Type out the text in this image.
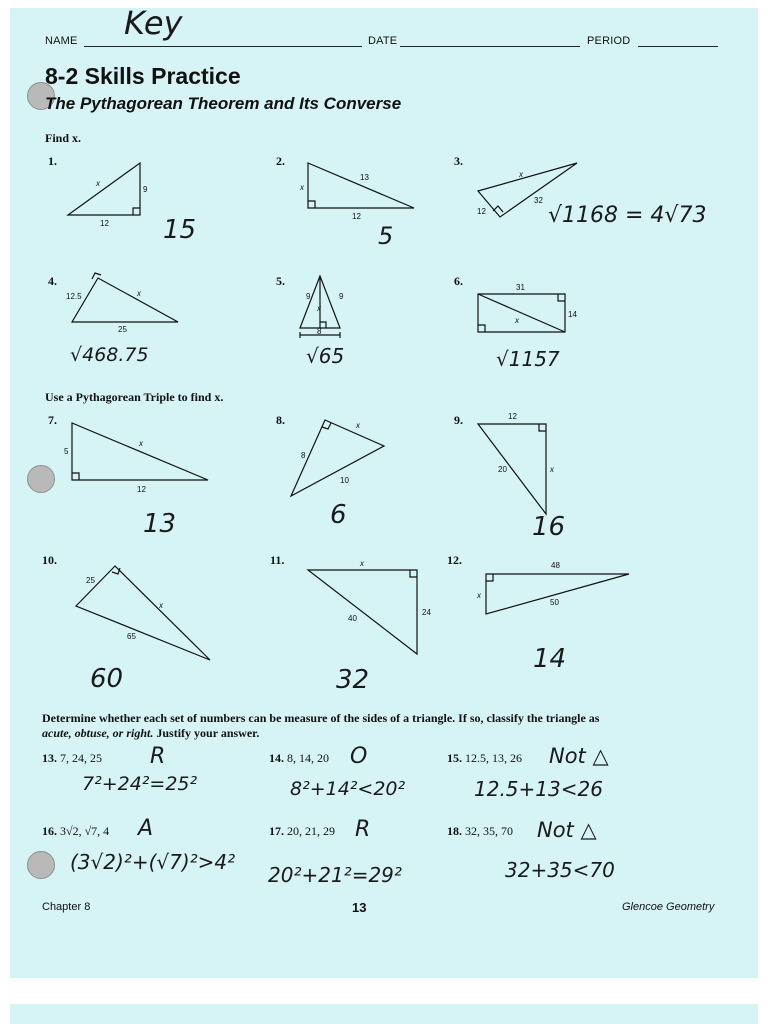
NAME Key	DATE	PERIOD
8-2 Skills Practice
The Pythagorean Theorem and Its Converse
Find x.
1.
x
9
12 15
2.
x
13
12
5
3.
x
32
12	√1168 = 4√73
4.
12.5	x
25
√468.75
5.
9	9
x
8
√65
6.	31
14
x
√1157
Use a Pythagorean Triple to find x.
7.
5
x
12
13
8.
8
x
10
6
9.	12
20	x
16
10.
25
x
65
60
11.	x
40
24
32
12.	48
x
50
14
Determine whether each set of numbers can be measure of the sides of a triangle. If so, classify the triangle as
acute, obtuse, or right. Justify your answer.
13. 7, 24, 25 R
7²+24²=25²
14. 8, 14, 20 O
8²+14²<20²
15. 12.5, 13, 26 Not △
12.5+13<26
16. 3√2, √7, 4 A
(3√2)²+(√7)²>4²
17. 20, 21, 29 R
20²+21²=29²
18. 32, 35, 70 Not △
32+35<70
Chapter 8	13	Glencoe Geometry
